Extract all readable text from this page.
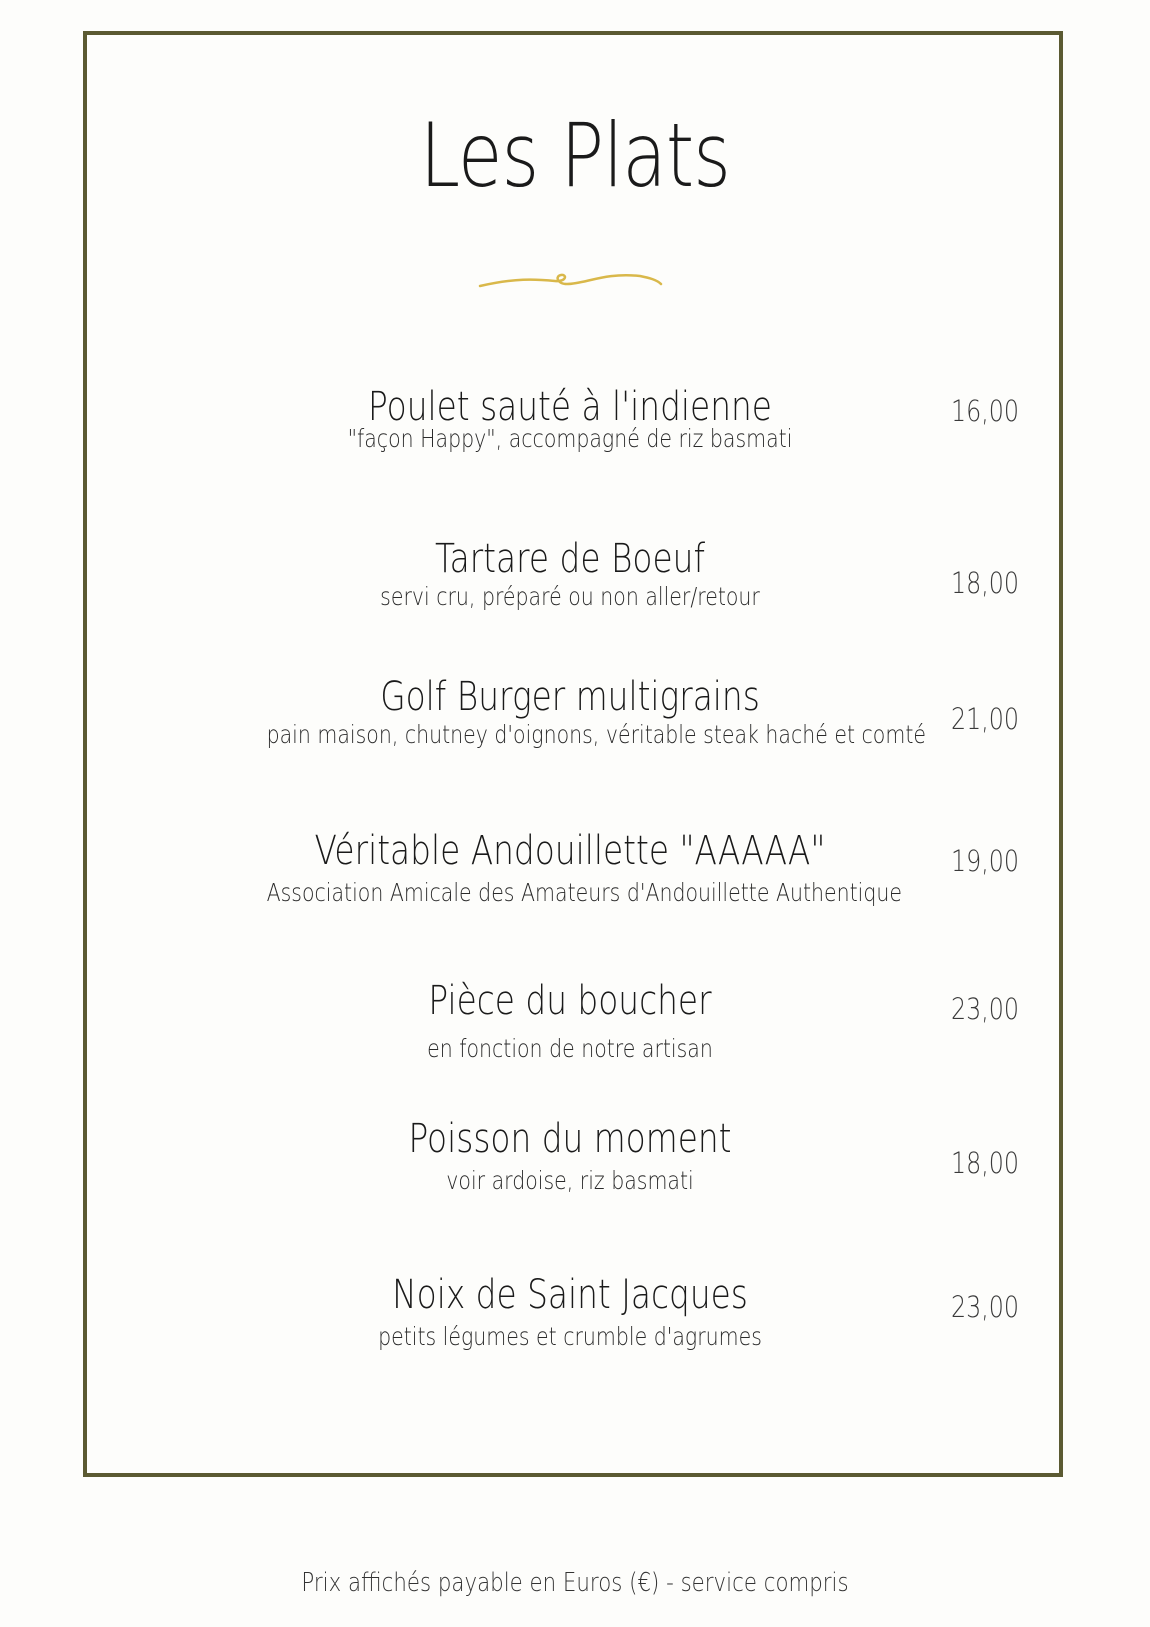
Les Plats
Poulet sauté à l'indienne
"façon Happy", accompagné de riz basmati
16,00
Tartare de Boeuf
servi cru, préparé ou non aller/retour	18,00
Golf Burger multigrains
pain maison, chutney d'oignons, véritable steak haché et comté 21,00
Véritable Andouillette "AAAAA"
Association Amicale des Amateurs d'Andouillette Authentique
19,00
Pièce du boucher
en fonction de notre artisan
23,00
Poisson du moment
voir ardoise, riz basmati
18,00
Noix de Saint Jacques
petits légumes et crumble d'agrumes
23,00
Prix affichés payable en Euros (€) - service compris
